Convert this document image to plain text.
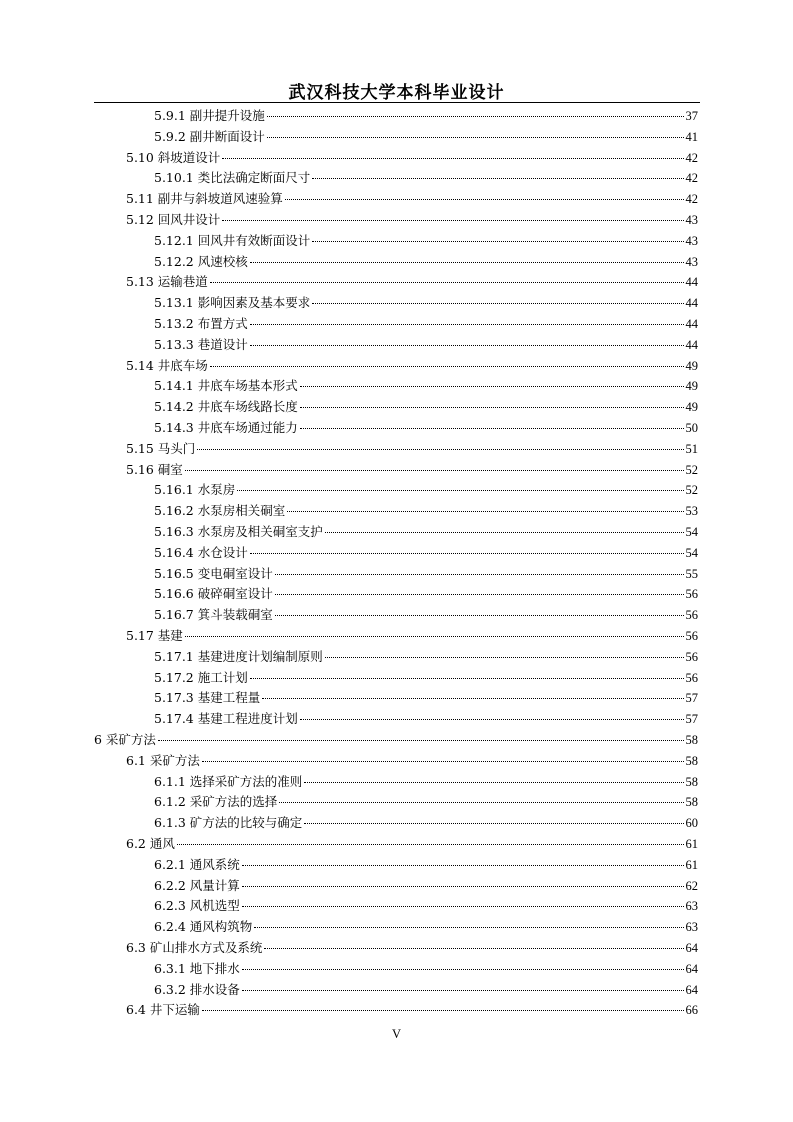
武汉科技大学本科毕业设计
5.9.1 副井提升设施	37
5.9.2 副井断面设计	41
5.10 斜坡道设计	42
5.10.1 类比法确定断面尺寸	42
5.11 副井与斜坡道风速验算	42
5.12 回风井设计	43
5.12.1 回风井有效断面设计	43
5.12.2 风速校核	43
5.13 运输巷道	44
5.13.1 影响因素及基本要求	44
5.13.2 布置方式	44
5.13.3 巷道设计	44
5.14 井底车场	49
5.14.1 井底车场基本形式	49
5.14.2 井底车场线路长度	49
5.14.3 井底车场通过能力	50
5.15 马头门	51
5.16 硐室	52
5.16.1 水泵房	52
5.16.2 水泵房相关硐室	53
5.16.3 水泵房及相关硐室支护	54
5.16.4 水仓设计	54
5.16.5 变电硐室设计	55
5.16.6 破碎硐室设计	56
5.16.7 箕斗装载硐室	56
5.17 基建	56
5.17.1 基建进度计划编制原则	56
5.17.2 施工计划	56
5.17.3 基建工程量	57
5.17.4 基建工程进度计划	57
6 采矿方法	58
6.1 采矿方法	58
6.1.1 选择采矿方法的准则	58
6.1.2 采矿方法的选择	58
6.1.3 矿方法的比较与确定	60
6.2 通风	61
6.2.1 通风系统	61
6.2.2 风量计算	62
6.2.3 风机选型	63
6.2.4 通风构筑物	63
6.3 矿山排水方式及系统	64
6.3.1 地下排水	64
6.3.2 排水设备	64
6.4 井下运输	66
V
